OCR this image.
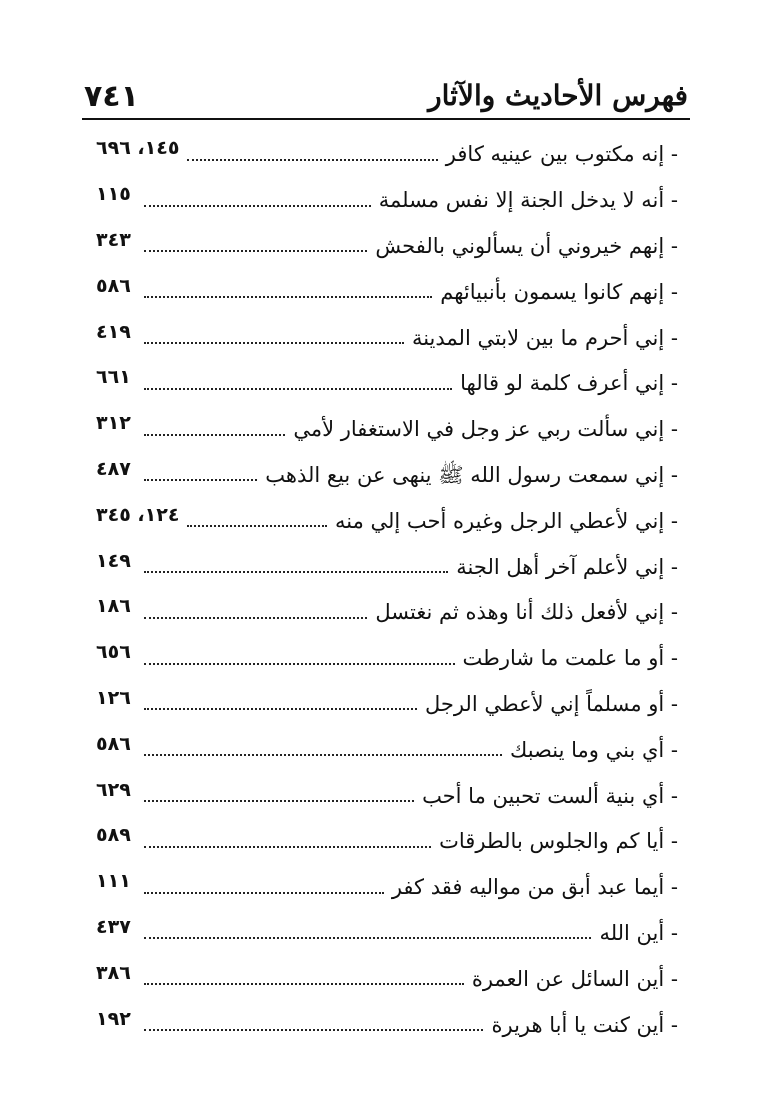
٧٤١	فهرس الأحاديث والآثار
- إنه مكتوب بين عينيه كافر
١٤٥، ٦٩٦
- أنه لا يدخل الجنة إلا نفس مسلمة
١١٥
- إنهم خيروني أن يسألوني بالفحش
٣٤٣
- إنهم كانوا يسمون بأنبيائهم
٥٨٦
- إني أحرم ما بين لابتي المدينة
٤١٩
- إني أعرف كلمة لو قالها
٦٦١
- إني سألت ربي عز وجل في الاستغفار لأمي
٣١٢
- إني سمعت رسول الله ﷺ ينهى عن بيع الذهب
٤٨٧
- إني لأعطي الرجل وغيره أحب إلي منه
١٢٤، ٣٤٥
- إني لأعلم آخر أهل الجنة
١٤٩
- إني لأفعل ذلك أنا وهذه ثم نغتسل
١٨٦
- أو ما علمت ما شارطت
٦٥٦
- أو مسلماً إني لأعطي الرجل
١٢٦
- أي بني وما ينصبك
٥٨٦
- أي بنية ألست تحبين ما أحب
٦٢٩
- أيا كم والجلوس بالطرقات
٥٨٩
- أيما عبد أبق من مواليه فقد كفر
١١١
- أين الله
٤٣٧
- أين السائل عن العمرة
٣٨٦
- أين كنت يا أبا هريرة
١٩٢
